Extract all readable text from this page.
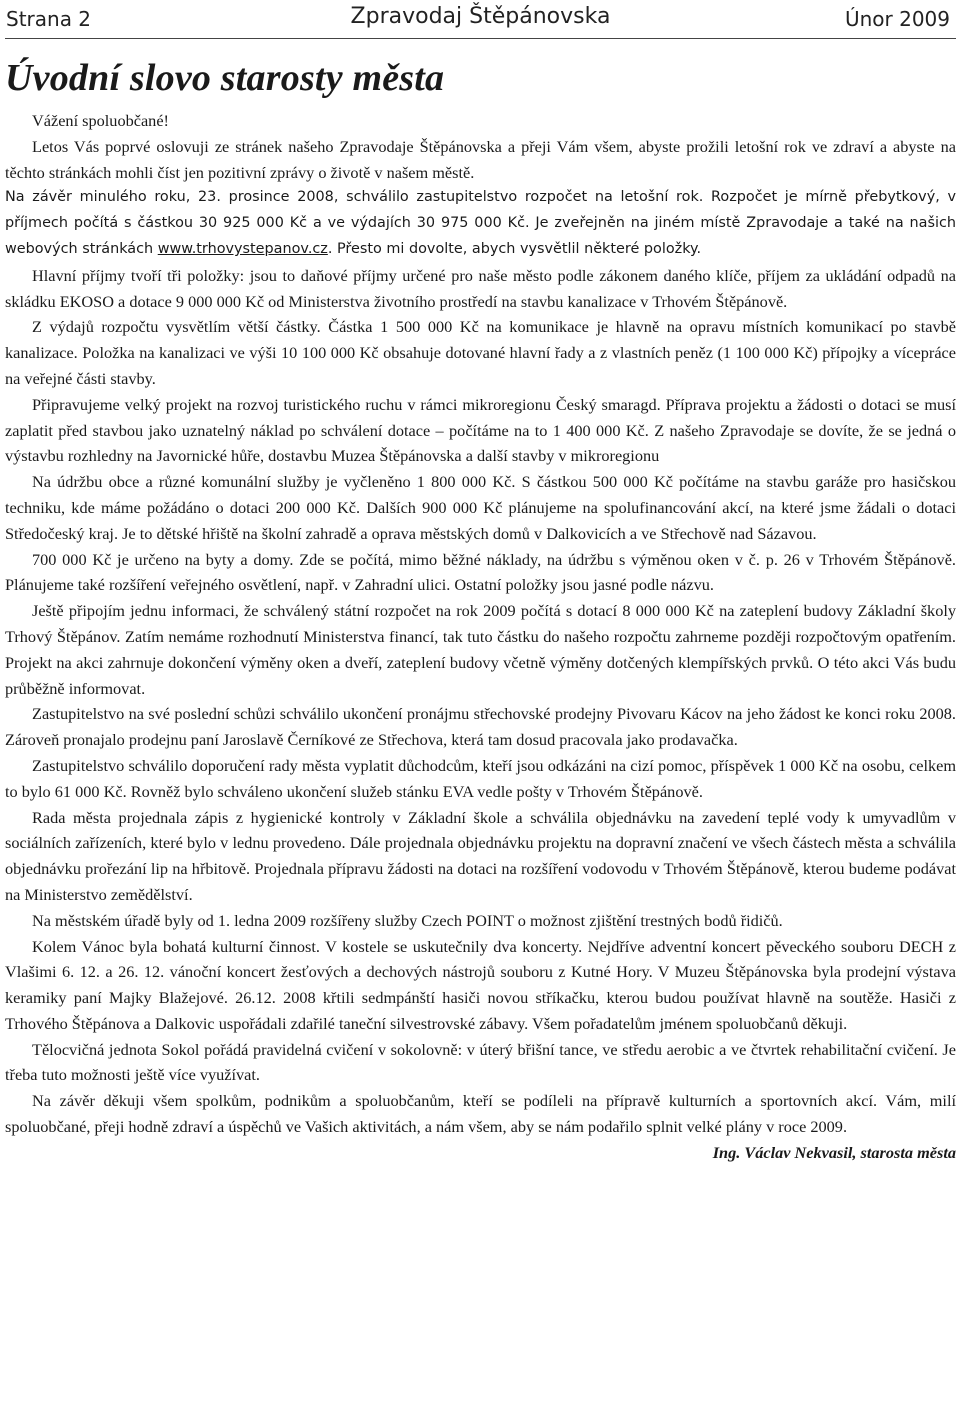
Strana 2	Zpravodaj Štěpánovska	Únor 2009
Úvodní slovo starosty města

Vážení spoluobčané!

Letos Vás poprvé oslovuji ze stránek našeho Zpravodaje Štěpánovska a přeji Vám všem, abyste prožili letošní rok ve zdraví a abyste na těchto stránkách mohli číst jen pozitivní zprávy o životě v našem městě.

Na závěr minulého roku, 23. prosince 2008, schválilo zastupitelstvo rozpočet na letošní rok. Rozpočet je mírně přebytkový, v příjmech počítá s částkou 30 925 000 Kč a ve výdajích 30 975 000 Kč. Je zveřejněn na jiném místě Zpravodaje a také na našich webových stránkách www.trhovystepanov.cz. Přesto mi dovolte, abych vysvětlil některé položky.

Hlavní příjmy tvoří tři položky: jsou to daňové příjmy určené pro naše město podle zákonem daného klíče, příjem za ukládání odpadů na skládku EKOSO a dotace 9 000 000 Kč od Ministerstva životního prostředí na stavbu kanalizace v Trhovém Štěpánově.

Z výdajů rozpočtu vysvětlím větší částky. Částka 1 500 000 Kč na komunikace je hlavně na opravu místních komunikací po stavbě kanalizace. Položka na kanalizaci ve výši 10 100 000 Kč obsahuje dotované hlavní řady a z vlastních peněz (1 100 000 Kč) přípojky a vícepráce na veřejné části stavby.

Připravujeme velký projekt na rozvoj turistického ruchu v rámci mikroregionu Český smaragd. Příprava projektu a žádosti o dotaci se musí zaplatit před stavbou jako uznatelný náklad po schválení dotace – počítáme na to 1 400 000 Kč. Z našeho Zpravodaje se dovíte, že se jedná o výstavbu rozhledny na Javornické hůře, dostavbu Muzea Štěpánovska a další stavby v mikroregionu

Na údržbu obce a různé komunální služby je vyčleněno 1 800 000 Kč. S částkou 500 000 Kč počítáme na stavbu garáže pro hasičskou techniku, kde máme požádáno o dotaci 200 000 Kč. Dalších 900 000 Kč plánujeme na spolufinancování akcí, na které jsme žádali o dotaci Středočeský kraj. Je to dětské hřiště na školní zahradě a oprava městských domů v Dalkovicích a ve Střechově nad Sázavou.

700 000 Kč je určeno na byty a domy. Zde se počítá, mimo běžné náklady, na údržbu s výměnou oken v č. p. 26 v Trhovém Štěpánově. Plánujeme také rozšíření veřejného osvětlení, např. v Zahradní ulici. Ostatní položky jsou jasné podle názvu.

Ještě připojím jednu informaci, že schválený státní rozpočet na rok 2009 počítá s dotací 8 000 000 Kč na zateplení budovy Základní školy Trhový Štěpánov. Zatím nemáme rozhodnutí Ministerstva financí, tak tuto částku do našeho rozpočtu zahrneme později rozpočtovým opatřením. Projekt na akci zahrnuje dokončení výměny oken a dveří, zateplení budovy včetně výměny dotčených klempířských prvků. O této akci Vás budu průběžně informovat.

Zastupitelstvo na své poslední schůzi schválilo ukončení pronájmu střechovské prodejny Pivovaru Kácov na jeho žádost ke konci roku 2008. Zároveň pronajalo prodejnu paní Jaroslavě Černíkové ze Střechova, která tam dosud pracovala jako prodavačka.

Zastupitelstvo schválilo doporučení rady města vyplatit důchodcům, kteří jsou odkázáni na cizí pomoc, příspěvek 1 000 Kč na osobu, celkem to bylo 61 000 Kč. Rovněž bylo schváleno ukončení služeb stánku EVA vedle pošty v Trhovém Štěpánově.

Rada města projednala zápis z hygienické kontroly v Základní škole a schválila objednávku na zavedení teplé vody k umyvadlům v sociálních zařízeních, které bylo v lednu provedeno. Dále projednala objednávku projektu na dopravní značení ve všech částech města a schválila objednávku prořezání lip na hřbitově. Projednala přípravu žádosti na dotaci na rozšíření vodovodu v Trhovém Štěpánově, kterou budeme podávat na Ministerstvo zemědělství.

Na městském úřadě byly od 1. ledna 2009 rozšířeny služby Czech POINT o možnost zjištění trestných bodů řidičů.

Kolem Vánoc byla bohatá kulturní činnost. V kostele se uskutečnily dva koncerty. Nejdříve adventní koncert pěveckého souboru DECH z Vlašimi 6. 12. a 26. 12. vánoční koncert žesťových a dechových nástrojů souboru z Kutné Hory. V Muzeu Štěpánovska byla prodejní výstava keramiky paní Majky Blažejové. 26.12. 2008 křtili sedmpánští hasiči novou stříkačku, kterou budou používat hlavně na soutěže. Hasiči z Trhového Štěpánova a Dalkovic uspořádali zdařilé taneční silvestrovské zábavy. Všem pořadatelům jménem spoluobčanů děkuji.

Tělocvičná jednota Sokol pořádá pravidelná cvičení v sokolovně: v úterý břišní tance, ve středu aerobic a ve čtvrtek rehabilitační cvičení. Je třeba tuto možnosti ještě více využívat.

Na závěr děkuji všem spolkům, podnikům a spoluobčanům, kteří se podíleli na přípravě kulturních a sportovních akcí. Vám, milí spoluobčané, přeji hodně zdraví a úspěchů ve Vašich aktivitách, a nám všem, aby se nám podařilo splnit velké plány v roce 2009.
Ing. Václav Nekvasil, starosta města
